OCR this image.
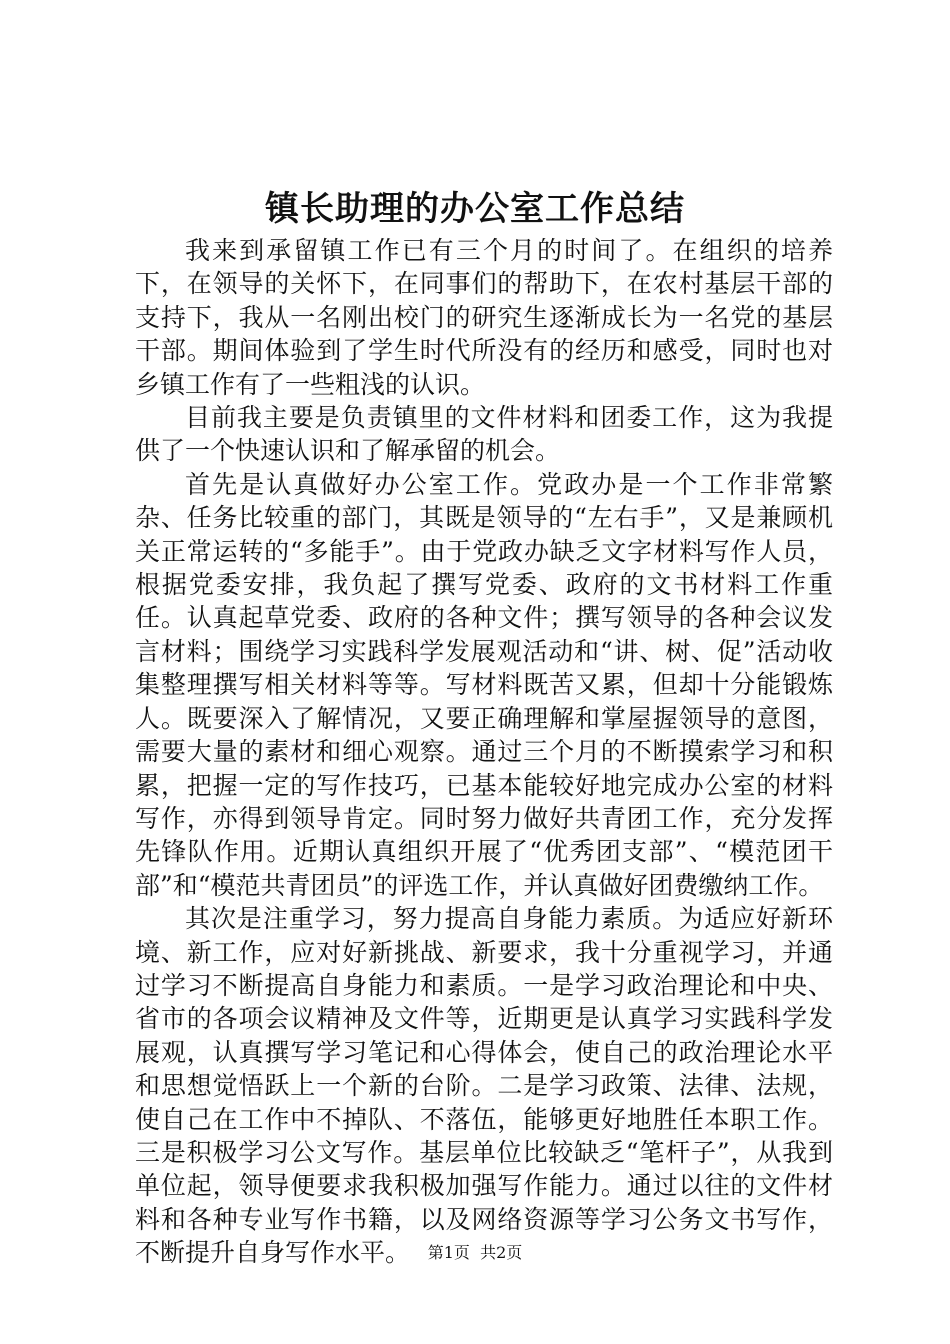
镇长助理的办公室工作总结

我来到承留镇工作已有三个月的时间了。在组织的培养下，在领导的关怀下，在同事们的帮助下，在农村基层干部的支持下，我从一名刚出校门的研究生逐渐成长为一名党的基层干部。期间体验到了学生时代所没有的经历和感受，同时也对乡镇工作有了一些粗浅的认识。

目前我主要是负责镇里的文件材料和团委工作，这为我提供了一个快速认识和了解承留的机会。

首先是认真做好办公室工作。党政办是一个工作非常繁杂、任务比较重的部门，其既是领导的“左右手”，又是兼顾机关正常运转的“多能手”。由于党政办缺乏文字材料写作人员，根据党委安排，我负起了撰写党委、政府的文书材料工作重任。认真起草党委、政府的各种文件；撰写领导的各种会议发言材料；围绕学习实践科学发展观活动和“讲、树、促”活动收集整理撰写相关材料等等。写材料既苦又累，但却十分能锻炼人。既要深入了解情况，又要正确理解和掌屋握领导的意图，需要大量的素材和细心观察。通过三个月的不断摸索学习和积累，把握一定的写作技巧，已基本能较好地完成办公室的材料写作，亦得到领导肯定。同时努力做好共青团工作，充分发挥先锋队作用。近期认真组织开展了“优秀团支部”、“模范团干部”和“模范共青团员”的评选工作，并认真做好团费缴纳工作。

其次是注重学习，努力提高自身能力素质。为适应好新环境、新工作，应对好新挑战、新要求，我十分重视学习，并通过学习不断提高自身能力和素质。一是学习政治理论和中央、省市的各项会议精神及文件等，近期更是认真学习实践科学发展观，认真撰写学习笔记和心得体会，使自己的政治理论水平和思想觉悟跃上一个新的台阶。二是学习政策、法律、法规，使自己在工作中不掉队、不落伍，能够更好地胜任本职工作。三是积极学习公文写作。基层单位比较缺乏“笔杆子”，从我到单位起，领导便要求我积极加强写作能力。通过以往的文件材料和各种专业写作书籍，以及网络资源等学习公务文书写作，不断提升自身写作水平。	第1页  共2页
